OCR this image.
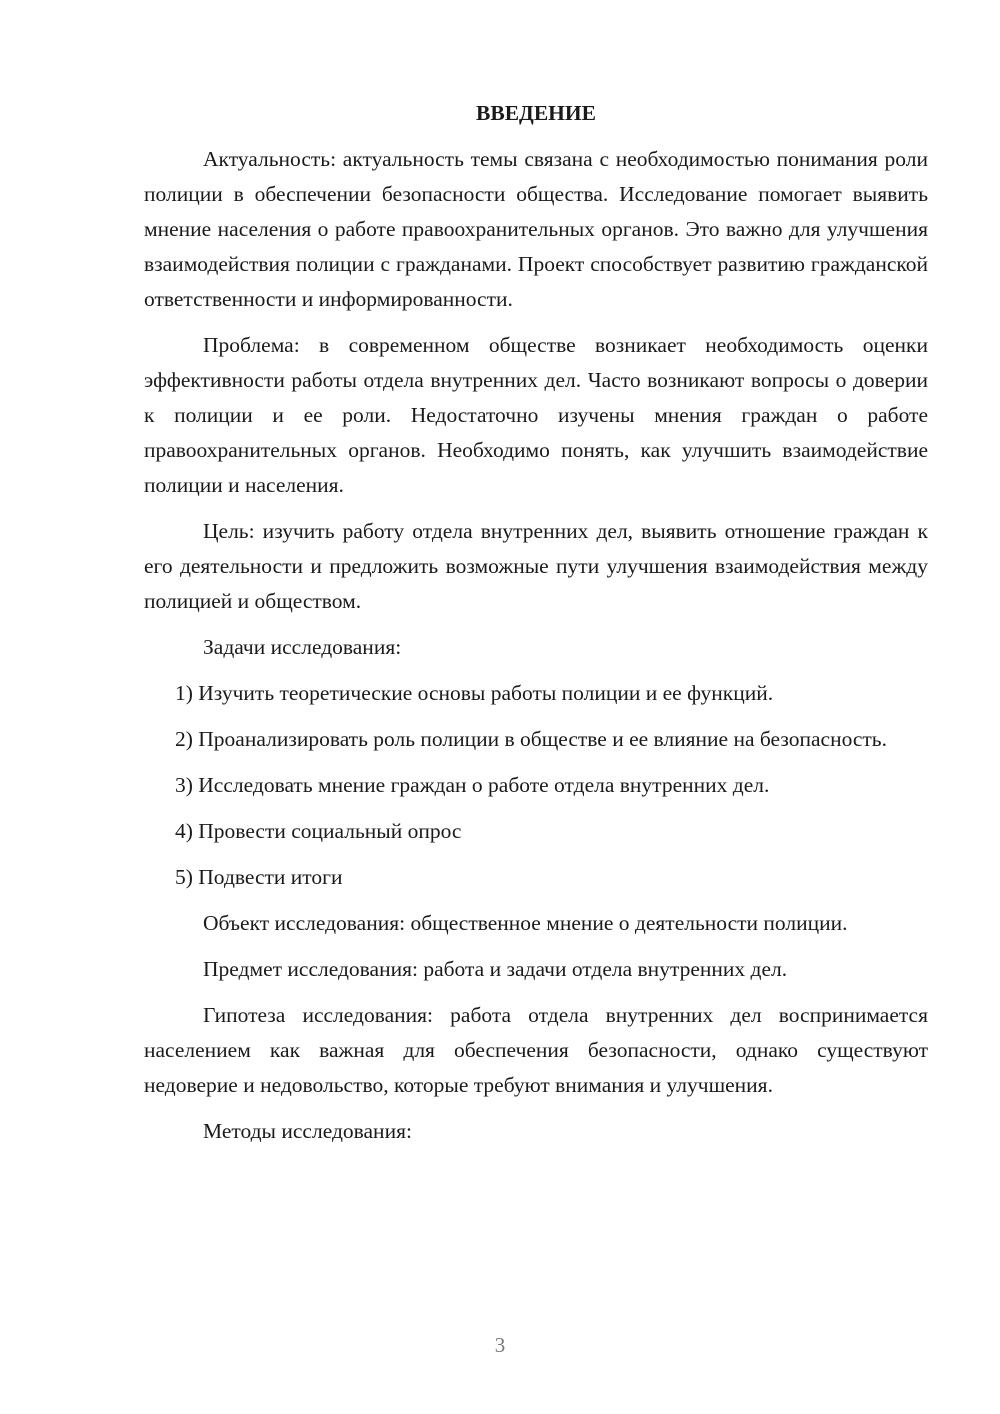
ВВЕДЕНИЕ
Актуальность: актуальность темы связана с необходимостью понимания роли полиции в обеспечении безопасности общества. Исследование помогает выявить мнение населения о работе правоохранительных органов. Это важно для улучшения взаимодействия полиции с гражданами. Проект способствует развитию гражданской ответственности и информированности.
Проблема: в современном обществе возникает необходимость оценки эффективности работы отдела внутренних дел. Часто возникают вопросы о доверии к полиции и ее роли. Недостаточно изучены мнения граждан о работе правоохранительных органов. Необходимо понять, как улучшить взаимодействие полиции и населения.
Цель: изучить работу отдела внутренних дел, выявить отношение граждан к его деятельности и предложить возможные пути улучшения взаимодействия между полицией и обществом.
Задачи исследования:
1) Изучить теоретические основы работы полиции и ее функций.
2) Проанализировать роль полиции в обществе и ее влияние на безопасность.
3) Исследовать мнение граждан о работе отдела внутренних дел.
4) Провести социальный опрос
5) Подвести итоги
Объект исследования: общественное мнение о деятельности полиции.
Предмет исследования: работа и задачи отдела внутренних дел.
Гипотеза исследования: работа отдела внутренних дел воспринимается населением как важная для обеспечения безопасности, однако существуют недоверие и недовольство, которые требуют внимания и улучшения.
Методы исследования:
3
